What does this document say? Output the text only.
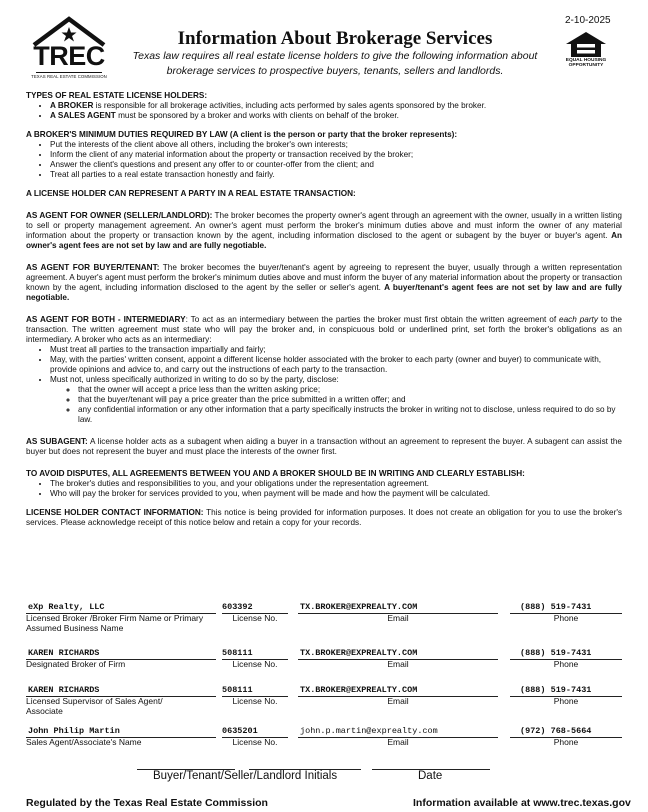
TREC
TEXAS REAL ESTATE COMMISSION
Information About Brokerage Services
Texas law requires all real estate license holders to give the following information about
brokerage services to prospective buyers, tenants, sellers and landlords.
2-10-2025
EQUAL HOUSING
OPPORTUNITY

TYPES OF REAL ESTATE LICENSE HOLDERS:

• A BROKER is responsible for all brokerage activities, including acts performed by sales agents sponsored by the broker.
• A SALES AGENT must be sponsored by a broker and works with clients on behalf of the broker.

A BROKER'S MINIMUM DUTIES REQUIRED BY LAW (A client is the person or party that the broker represents):

• Put the interests of the client above all others, including the broker's own interests;
• Inform the client of any material information about the property or transaction received by the broker;
• Answer the client's questions and present any offer to or counter-offer from the client; and
• Treat all parties to a real estate transaction honestly and fairly.

A LICENSE HOLDER CAN REPRESENT A PARTY IN A REAL ESTATE TRANSACTION:

AS AGENT FOR OWNER (SELLER/LANDLORD): The broker becomes the property owner's agent through an agreement with the owner, usually in a written listing to sell or property management agreement. An owner's agent must perform the broker's minimum duties above and must inform the owner of any material information about the property or transaction known by the agent, including information disclosed to the agent or subagent by the buyer or buyer's agent. An owner's agent fees are not set by law and are fully negotiable.

AS AGENT FOR BUYER/TENANT: The broker becomes the buyer/tenant's agent by agreeing to represent the buyer, usually through a written representation agreement. A buyer's agent must perform the broker's minimum duties above and must inform the buyer of any material information about the property or transaction known by the agent, including information disclosed to the agent by the seller or seller's agent. A buyer/tenant's agent fees are not set by law and are fully negotiable.

AS AGENT FOR BOTH - INTERMEDIARY: To act as an intermediary between the parties the broker must first obtain the written agreement of each party to the transaction. The written agreement must state who will pay the broker and, in conspicuous bold or underlined print, set forth the broker's obligations as an intermediary. A broker who acts as an intermediary:

• Must treat all parties to the transaction impartially and fairly;
• May, with the parties' written consent, appoint a different license holder associated with the broker to each party (owner and buyer) to communicate with, provide opinions and advice to, and carry out the instructions of each party to the transaction.
• Must not, unless specifically authorized in writing to do so by the party, disclose:
◦ that the owner will accept a price less than the written asking price;
◦ that the buyer/tenant will pay a price greater than the price submitted in a written offer; and
◦ any confidential information or any other information that a party specifically instructs the broker in writing not to disclose, unless required to do so by law.

AS SUBAGENT: A license holder acts as a subagent when aiding a buyer in a transaction without an agreement to represent the buyer. A subagent can assist the buyer but does not represent the buyer and must place the interests of the owner first.

TO AVOID DISPUTES, ALL AGREEMENTS BETWEEN YOU AND A BROKER SHOULD BE IN WRITING AND CLEARLY ESTABLISH:

• The broker's duties and responsibilities to you, and your obligations under the representation agreement.
• Who will pay the broker for services provided to you, when payment will be made and how the payment will be calculated.

LICENSE HOLDER CONTACT INFORMATION: This notice is being provided for information purposes. It does not create an obligation for you to use the broker's services. Please acknowledge receipt of this notice below and retain a copy for your records.

eXp Realty, LLC	603392	TX.BROKER@EXPREALTY.COM	(888) 519-7431
Licensed Broker /Broker Firm Name or Primary Assumed Business Name
License No.	Email	Phone
KAREN RICHARDS	508111	TX.BROKER@EXPREALTY.COM	(888) 519-7431
Designated Broker of Firm	License No.	Email	Phone
KAREN RICHARDS	508111	TX.BROKER@EXPREALTY.COM	(888) 519-7431
Licensed Supervisor of Sales Agent/ Associate
License No.	Email	Phone
John Philip Martin	0635201	john.p.martin@exprealty.com	(972) 768-5664
Sales Agent/Associate's Name	License No.	Email	Phone
Buyer/Tenant/Seller/Landlord Initials	Date
Regulated by the Texas Real Estate Commission	Information available at www.trec.texas.gov
